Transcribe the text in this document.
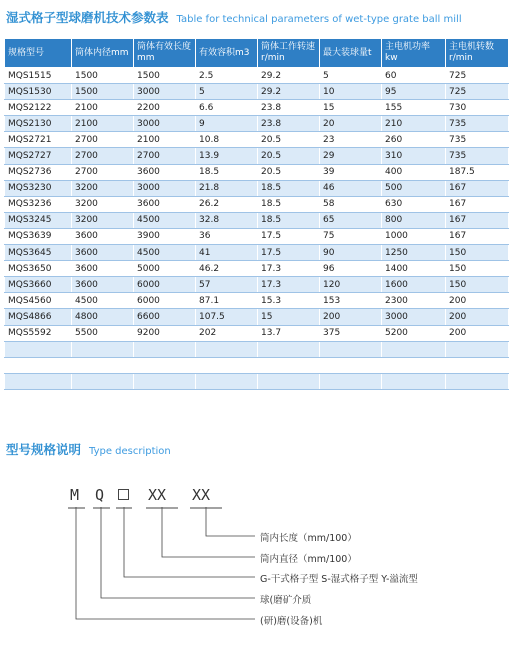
湿式格子型球磨机技术参数表 Table for technical parameters of wet-type grate ball mill
规格型号	筒体内径mm	筒体有效长度mm	有效容积m3	筒体工作转速r/min	最大装球量t	主电机功率kw	主电机转数r/min
MQS1515	1500	1500	2.5	29.2	5	60	725
MQS1530	1500	3000	5	29.2	10	95	725
MQS2122	2100	2200	6.6	23.8	15	155	730
MQS2130	2100	3000	9	23.8	20	210	735
MQS2721	2700	2100	10.8	20.5	23	260	735
MQS2727	2700	2700	13.9	20.5	29	310	735
MQS2736	2700	3600	18.5	20.5	39	400	187.5
MQS3230	3200	3000	21.8	18.5	46	500	167
MQS3236	3200	3600	26.2	18.5	58	630	167
MQS3245	3200	4500	32.8	18.5	65	800	167
MQS3639	3600	3900	36	17.5	75	1000	167
MQS3645	3600	4500	41	17.5	90	1250	150
MQS3650	3600	5000	46.2	17.3	96	1400	150
MQS3660	3600	6000	57	17.3	120	1600	150
MQS4560	4500	6000	87.1	15.3	153	2300	200
MQS4866	4800	6600	107.5	15	200	3000	200
MQS5592	5500	9200	202	13.7	375	5200	200

型号规格说明 Type description
M Q	XX XX
筒内长度（mm/100）
筒内直径（mm/100）
G-干式格子型 S-湿式格子型 Y-溢流型
球(磨矿介质
(研)磨(设备)机
